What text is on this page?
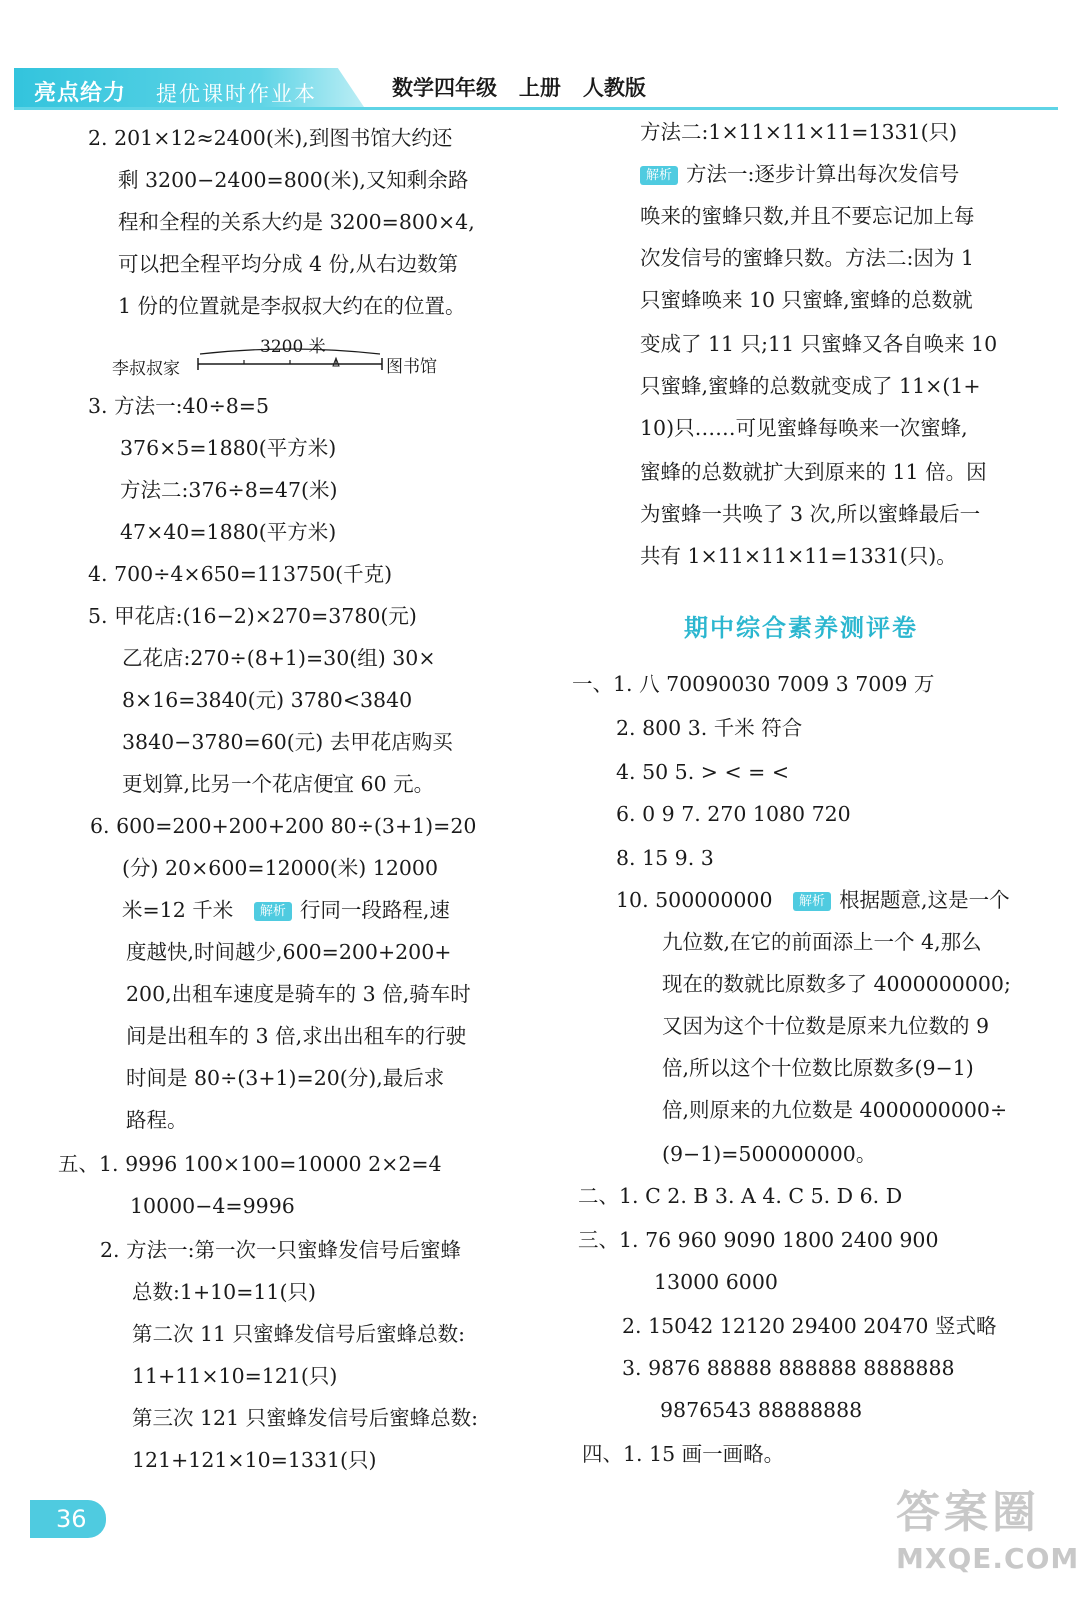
亮点给力 提优课时作业本	数学四年级   上册   人教版
2. 201×12≈2400(米),到图书馆大约还
剩 3200−2400=800(米),又知剩余路
程和全程的关系大约是 3200=800×4,
可以把全程平均分成 4 份,从右边数第
1 份的位置就是李叔叔大约在的位置。
3200 米
李叔叔家	图书馆
3. 方法一:40÷8=5
376×5=1880(平方米)
方法二:376÷8=47(米)
47×40=1880(平方米)
4. 700÷4×650=113750(千克)
5. 甲花店:(16−2)×270=3780(元)
乙花店:270÷(8+1)=30(组) 30×
8×16=3840(元) 3780<3840
3840−3780=60(元) 去甲花店购买
更划算,比另一个花店便宜 60 元。
6. 600=200+200+200 80÷(3+1)=20
(分) 20×600=12000(米) 12000
米=12 千米 解析 行同一段路程,速
度越快,时间越少,600=200+200+
200,出租车速度是骑车的 3 倍,骑车时
间是出租车的 3 倍,求出出租车的行驶
时间是 80÷(3+1)=20(分),最后求
路程。
五、1. 9996 100×100=10000 2×2=4
10000−4=9996
2. 方法一:第一次一只蜜蜂发信号后蜜蜂
总数:1+10=11(只)
第二次 11 只蜜蜂发信号后蜜蜂总数:
11+11×10=121(只)
第三次 121 只蜜蜂发信号后蜜蜂总数:
121+121×10=1331(只)
方法二:1×11×11×11=1331(只)
解析 方法一:逐步计算出每次发信号
唤来的蜜蜂只数,并且不要忘记加上每
次发信号的蜜蜂只数。方法二:因为 1
只蜜蜂唤来 10 只蜜蜂,蜜蜂的总数就
变成了 11 只;11 只蜜蜂又各自唤来 10
只蜜蜂,蜜蜂的总数就变成了 11×(1+
10)只……可见蜜蜂每唤来一次蜜蜂,
蜜蜂的总数就扩大到原来的 11 倍。因
为蜜蜂一共唤了 3 次,所以蜜蜂最后一
共有 1×11×11×11=1331(只)。
期中综合素养测评卷
一、1. 八 70090030 7009 3 7009 万
2. 800 3. 千米 符合
4. 50 5. > < = <
6. 0 9 7. 270 1080 720
8. 15 9. 3
10. 500000000 解析 根据题意,这是一个
九位数,在它的前面添上一个 4,那么
现在的数就比原数多了 4000000000;
又因为这个十位数是原来九位数的 9
倍,所以这个十位数比原数多(9−1)
倍,则原来的九位数是 4000000000÷
(9−1)=500000000。
二、1. C 2. B 3. A 4. C 5. D 6. D
三、1. 76 960 9090 1800 2400 900
13000 6000
2. 15042 12120 29400 20470 竖式略
3. 9876 88888 888888 8888888
9876543 88888888
四、1. 15 画一画略。
36	答案圈
MXQE.COM
